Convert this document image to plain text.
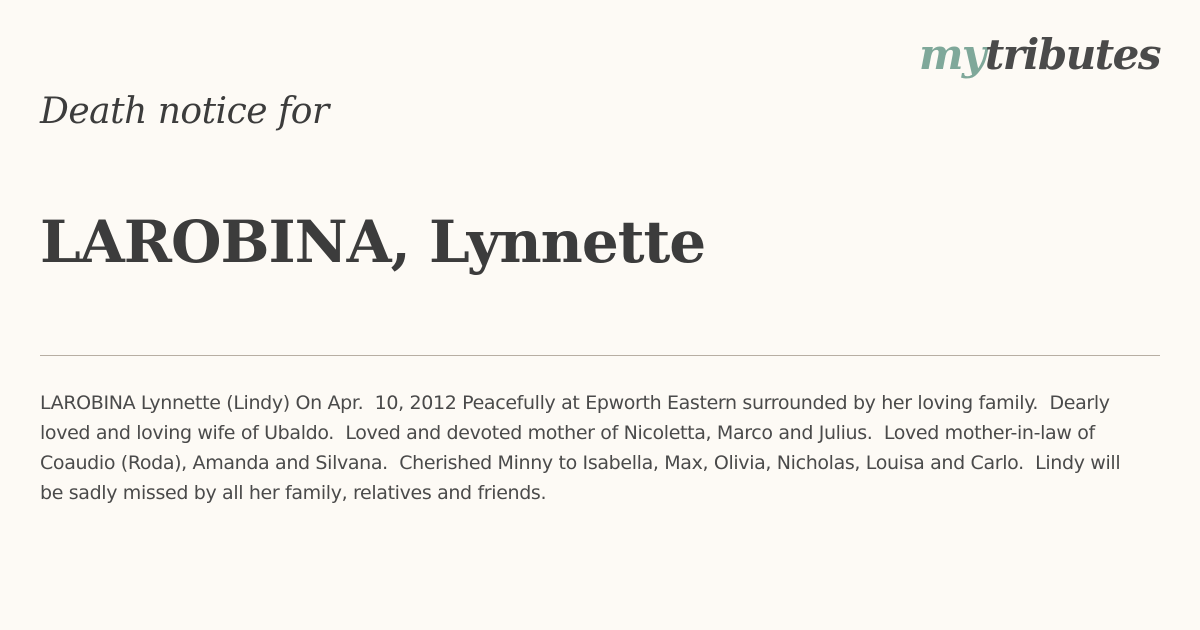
mytributes
Death notice for
LAROBINA, Lynnette

LAROBINA Lynnette (Lindy) On Apr.  10, 2012 Peacefully at Epworth Eastern surrounded by her loving family.  Dearly loved and loving wife of Ubaldo.  Loved and devoted mother of Nicoletta, Marco and Julius.  Loved mother-in-law of Coaudio (Roda), Amanda and Silvana.  Cherished Minny to Isabella, Max, Olivia, Nicholas, Louisa and Carlo.  Lindy will be sadly missed by all her family, relatives and friends.
